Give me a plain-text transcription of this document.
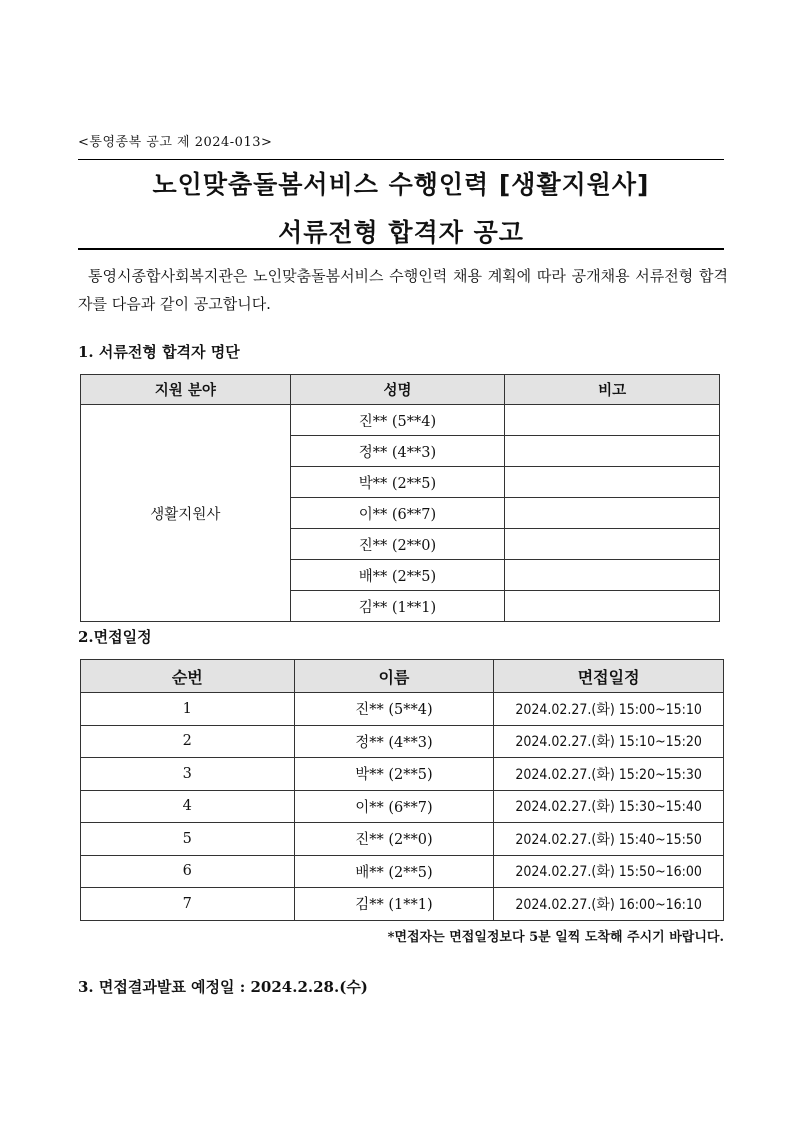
<통영종복 공고 제 2024-013>
노인맞춤돌봄서비스 수행인력 [생활지원사]
서류전형 합격자 공고
통영시종합사회복지관은 노인맞춤돌봄서비스 수행인력 채용 계획에 따라 공개채용 서류전형 합격자를 다음과 같이 공고합니다.
1. 서류전형 합격자 명단
지원 분야	성명	비고
생활지원사	진** (5**4)	
	정** (4**3)	
	박** (2**5)	
	이** (6**7)	
	진** (2**0)	
	배** (2**5)	
	김** (1**1)	
2.면접일정
순번	이름	면접일정
1	진** (5**4)	2024.02.27.(화) 15:00~15:10
2	정** (4**3)	2024.02.27.(화) 15:10~15:20
3	박** (2**5)	2024.02.27.(화) 15:20~15:30
4	이** (6**7)	2024.02.27.(화) 15:30~15:40
5	진** (2**0)	2024.02.27.(화) 15:40~15:50
6	배** (2**5)	2024.02.27.(화) 15:50~16:00
7	김** (1**1)	2024.02.27.(화) 16:00~16:10
*면접자는 면접일정보다 5분 일찍 도착해 주시기 바랍니다.
3. 면접결과발표 예정일 : 2024.2.28.(수)
